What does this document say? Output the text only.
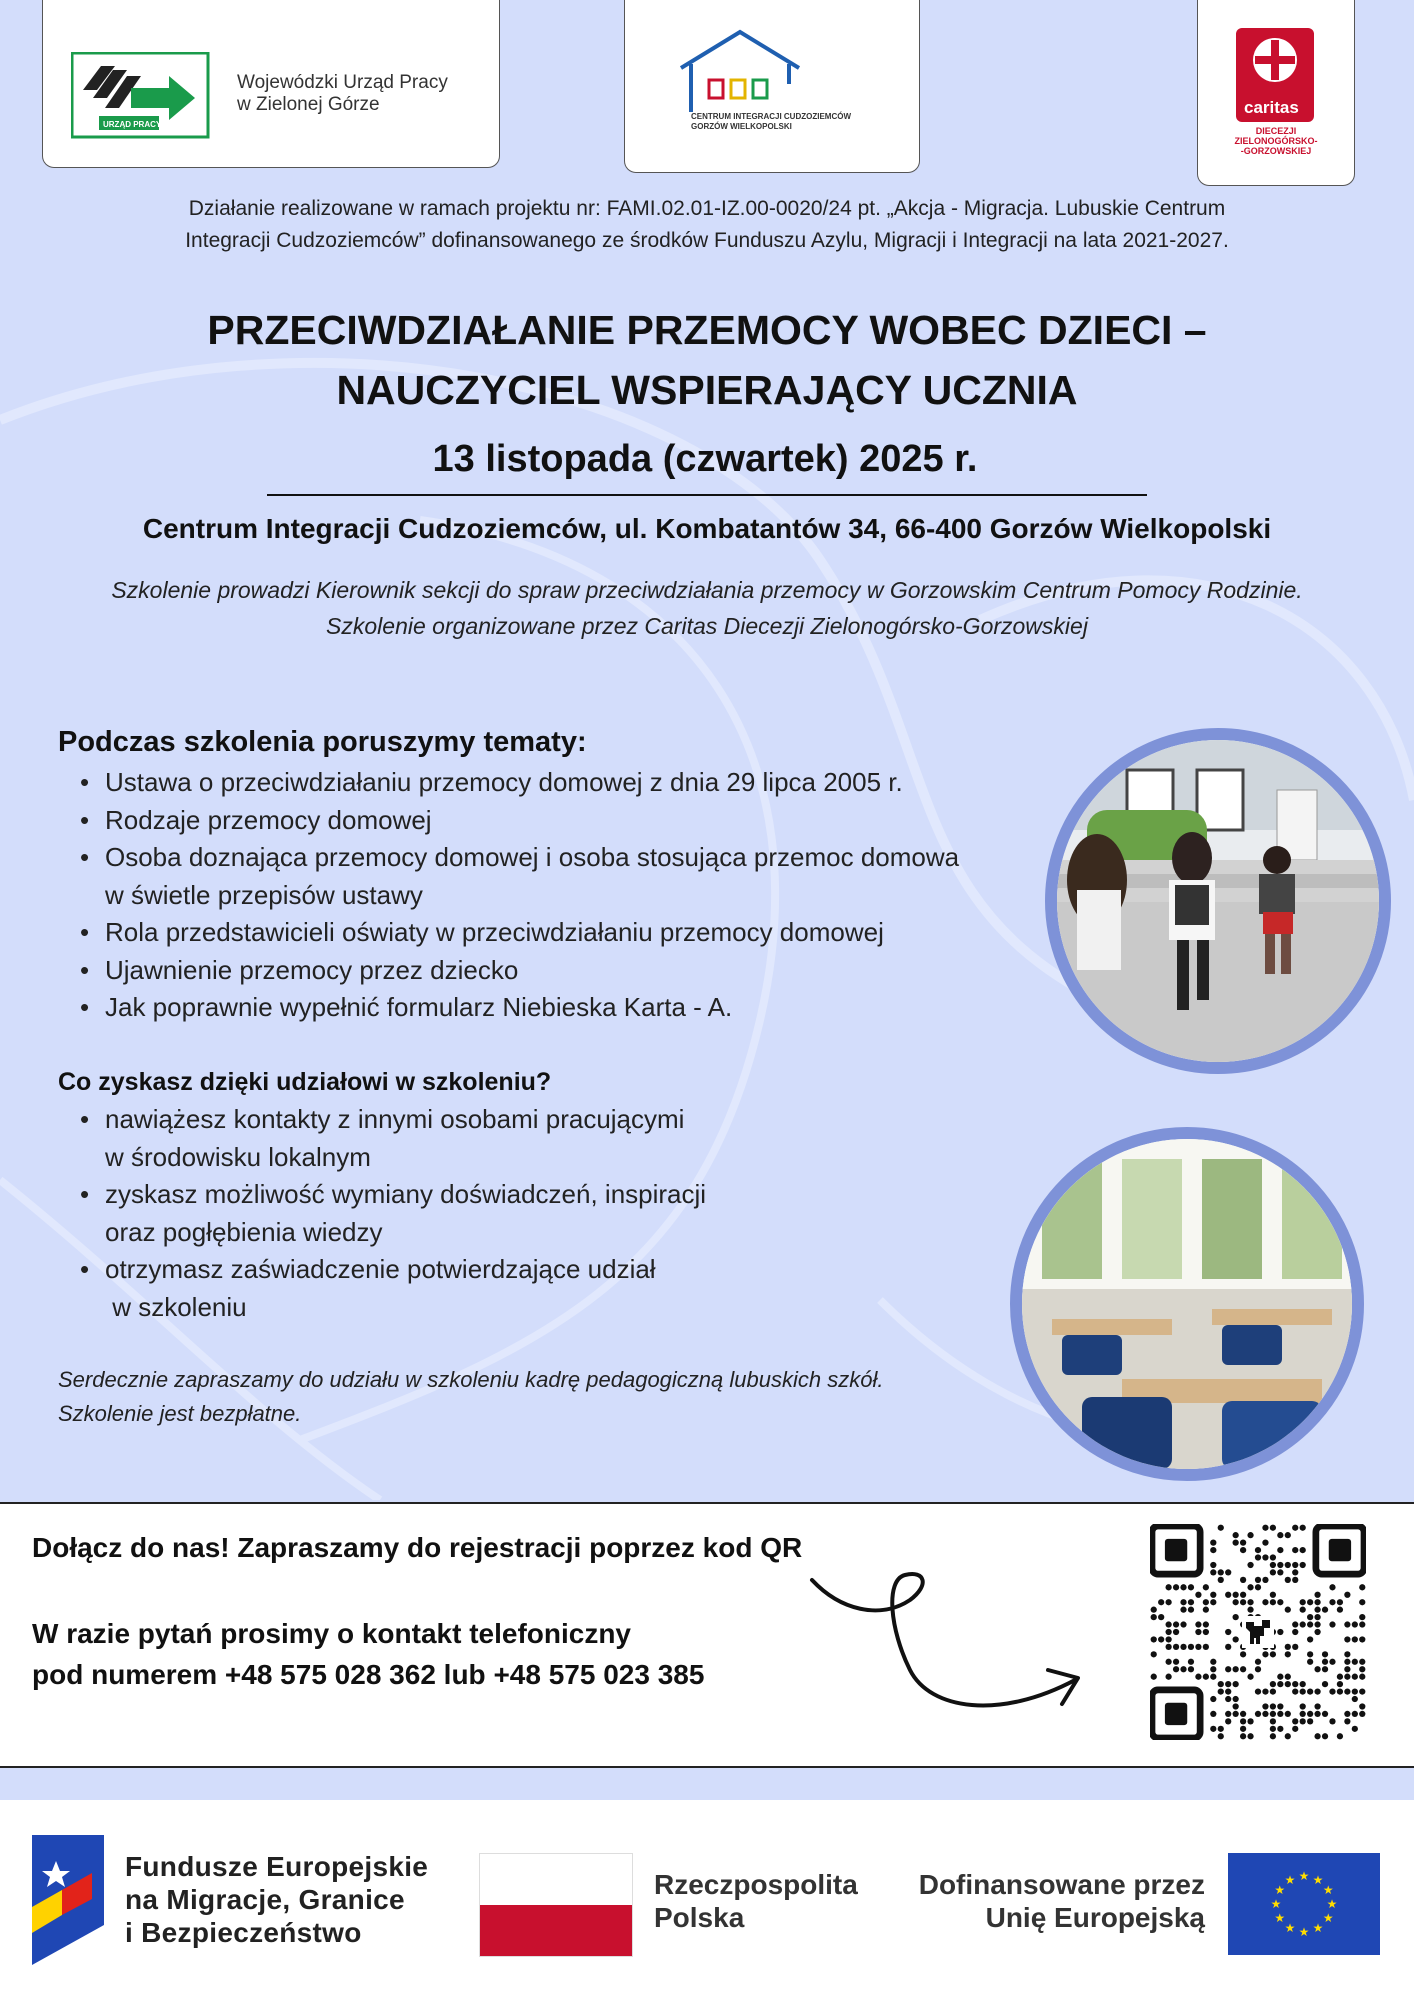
URZĄD PRACY
Wojewódzki Urząd Pracy
w Zielonej Górze
CENTRUM INTEGRACJI CUDZOZIEMCÓW
GORZÓW WIELKOPOLSKI
caritas
DIECEZJI
ZIELONOGÓRSKO-
-GORZOWSKIEJ
Działanie realizowane w ramach projektu nr: FAMI.02.01-IZ.00-0020/24 pt. „Akcja - Migracja. Lubuskie Centrum
Integracji Cudzoziemców” dofinansowanego ze środków Funduszu Azylu, Migracji i Integracji na lata 2021-2027.
PRZECIWDZIAŁANIE PRZEMOCY WOBEC DZIECI –
NAUCZYCIEL WSPIERAJĄCY UCZNIA
13 listopada (czwartek) 2025 r.
Centrum Integracji Cudzoziemców, ul. Kombatantów 34, 66-400 Gorzów Wielkopolski
Szkolenie prowadzi Kierownik sekcji do spraw przeciwdziałania przemocy w Gorzowskim Centrum Pomocy Rodzinie.
Szkolenie organizowane przez Caritas Diecezji Zielonogórsko-Gorzowskiej
Podczas szkolenia poruszymy tematy:
• Ustawa o przeciwdziałaniu przemocy domowej z dnia 29 lipca 2005 r.
• Rodzaje przemocy domowej
• Osoba doznająca przemocy domowej i osoba stosująca przemoc domowa
w świetle przepisów ustawy
• Rola przedstawicieli oświaty w przeciwdziałaniu przemocy domowej
• Ujawnienie przemocy przez dziecko
• Jak poprawnie wypełnić formularz Niebieska Karta - A.
Co zyskasz dzięki udziałowi w szkoleniu?
• nawiążesz kontakty z innymi osobami pracującymi
w środowisku lokalnym
• zyskasz możliwość wymiany doświadczeń, inspiracji
oraz pogłębienia wiedzy
• otrzymasz zaświadczenie potwierdzające udział
w szkoleniu
Serdecznie zapraszamy do udziału w szkoleniu kadrę pedagogiczną lubuskich szkół.
Szkolenie jest bezpłatne.
Dołącz do nas! Zapraszamy do rejestracji poprzez kod QR
W razie pytań prosimy o kontakt telefoniczny
pod numerem +48 575 028 362 lub +48 575 023 385
Fundusze Europejskie
na Migracje, Granice
i Bezpieczeństwo
Rzeczpospolita
Polska
Dofinansowane przez
Unię Europejską
★ ★
★
★
★
★
★
★
★
★
★
★
